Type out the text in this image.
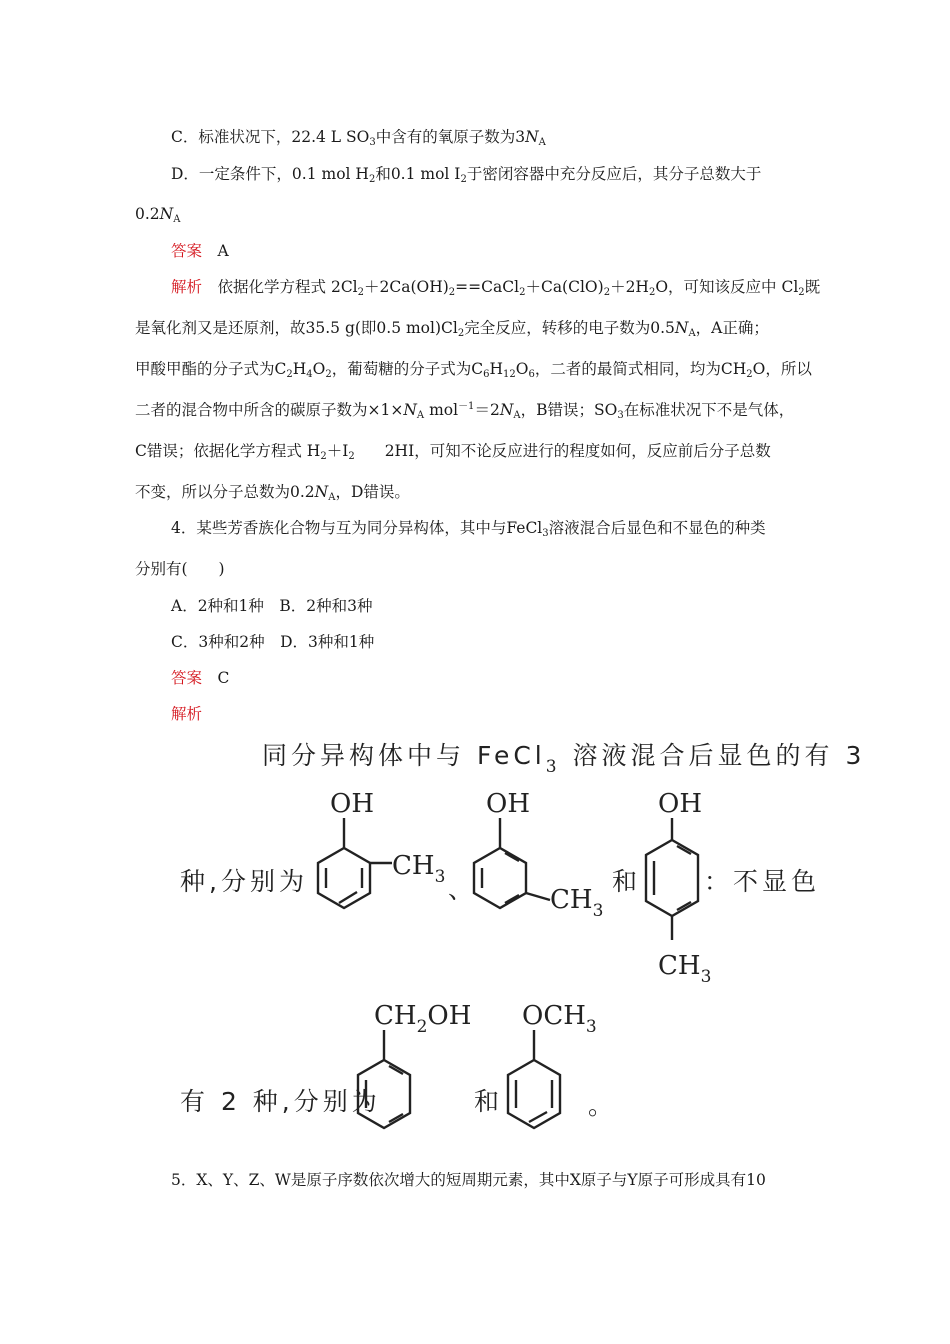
C．标准状况下，22.4 L $SO_3$中含有的氧原子数为$3N_A$
D．一定条件下，0.1 mol $H_2$和0.1 mol $I_2$于密闭容器中充分反应后，其分子总数大于
$0.2N_A$
答案　 A
解析　 依据化学方程式 $2Cl_2+2Ca(OH)_2==CaCl_2+Ca(ClO)_2+2H_2O$，可知该反应中 $Cl_2$既
是氧化剂又是还原剂，故35.5 g(即0.5 $mol)Cl_2$完全反应，转移的电子数为$0.5N_A$，A正确；
甲酸甲酯的分子式为$C_2H_4O_2$，葡萄糖的分子式为$C_6H_{12}O_6$，二者的最简式相同，均为$CH_2O$，所以
二者的混合物中所含的碳原子数为$\times 1\times N_A$ $mol^{-1}=2N_A$，B错误；$SO_3$在标准状况下不是气体，
C错误；依据化学方程式 $H_2+I_2$ 2HI，可知不论反应进行的程度如何，反应前后分子总数
不变，所以分子总数为$0.2N_A$，D错误。
4．某些芳香族化合物与互为同分异构体，其中与FeCl$_3$溶液混合后显色和不显色的种类
分别有(　　)
A．2种和1种　B．2种和3种
C．3种和2种　D．3种和1种
答案　 C
解析
同分异构体中与 FeCl$_3$ 溶液混合后显色的有 3
种,分别为	、	和	：不显色
OH
$CH_3$
OH
$CH_3$
OH
$CH_3$
有 2 种,分别为	和	。
$CH_2OH$ $OCH_3$
5．X、Y、Z、W是原子序数依次增大的短周期元素，其中X原子与Y原子可形成具有10
